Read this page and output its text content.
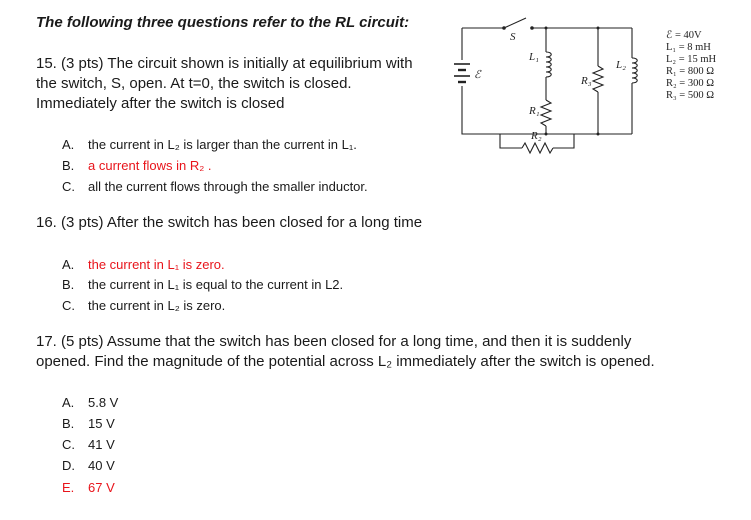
The following three questions refer to the RL circuit:
15. (3 pts) The circuit shown is initially at equilibrium with
the switch, S, open. At t=0, the switch is closed.
Immediately after the switch is closed
A. the current in L₂ is larger than the current in L₁.
B. a current flows in R₂ .
C. all the current flows through the smaller inductor.
16. (3 pts) After the switch has been closed for a long time
A. the current in L₁ is zero.
B. the current in L₁ is equal to the current in L2.
C. the current in L₂ is zero.
17. (5 pts) Assume that the switch has been closed for a long time, and then it is suddenly
opened. Find the magnitude of the potential across L₂ immediately after the switch is opened.
A. 5.8 V
B. 15 V
C. 41 V
D. 40 V
E. 67 V
S
ℰ
L₁
R₁
R₃
L₂
R₂
ℰ = 40V
L₁ = 8 mH
L₂ = 15 mH
R₁ = 800 Ω
R₂ = 300 Ω
R₃ = 500 Ω
